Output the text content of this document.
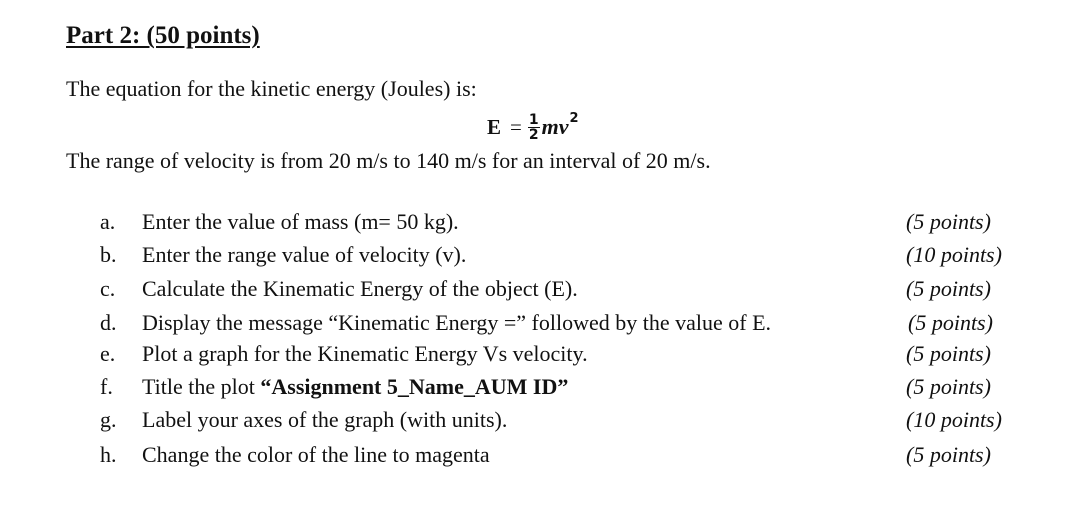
Part 2: (50 points)
The equation for the kinetic energy (Joules) is:
$E = \frac{1}{2}$ mv 2
The range of velocity is from 20 m/s to 140 m/s for an interval of 20 m/s.
a. Enter the value of mass (m= 50 kg).	(5 points)
b. Enter the range value of velocity (v).	(10 points)
c. Calculate the Kinematic Energy of the object (E).	(5 points)
d. Display the message “Kinematic Energy =” followed by the value of E.	(5 points)
e. Plot a graph for the Kinematic Energy Vs velocity.	(5 points)
f. Title the plot “Assignment 5_Name_AUM ID”	(5 points)
g. Label your axes of the graph (with units).	(10 points)
h. Change the color of the line to magenta	(5 points)
